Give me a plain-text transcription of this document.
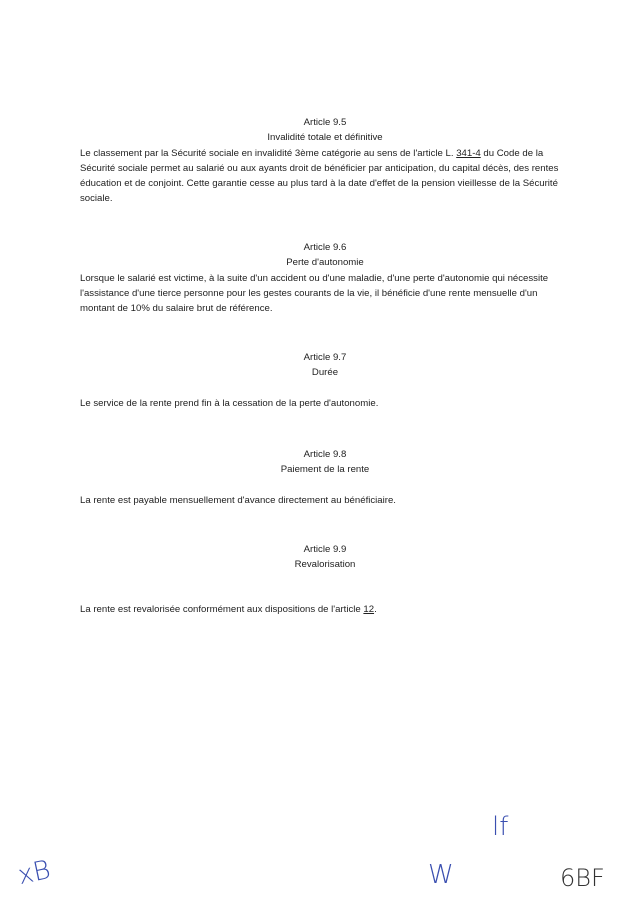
Article 9.5
Invalidité totale et définitive
Le classement par la Sécurité sociale en invalidité 3ème catégorie au sens de l'article L. 341-4 du Code de la Sécurité sociale permet au salarié ou aux ayants droit de bénéficier par anticipation, du capital décès, des rentes éducation et de conjoint. Cette garantie cesse au plus tard à la date d'effet de la pension vieillesse de la Sécurité sociale.
Article 9.6
Perte d'autonomie
Lorsque le salarié est victime, à la suite d'un accident ou d'une maladie, d'une perte d'autonomie qui nécessite l'assistance d'une tierce personne pour les gestes courants de la vie, il bénéficie d'une rente mensuelle d'un montant de 10% du salaire brut de référence.
Article 9.7
Durée
Le service de la rente prend fin à la cessation de la perte d'autonomie.
Article 9.8
Paiement de la rente
La rente est payable mensuellement d'avance directement au bénéficiaire.
Article 9.9
Revalorisation
La rente est revalorisée conformément aux dispositions de l'article 12.
xB	W
lf
6BF
